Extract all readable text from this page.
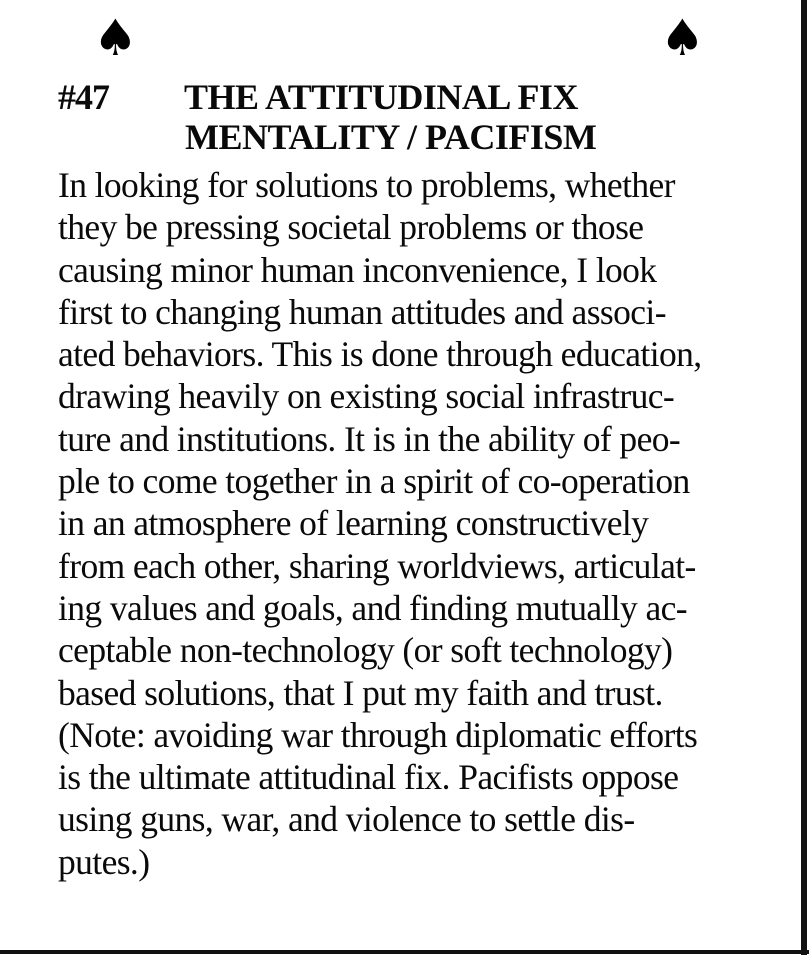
♠	♠
#47 THE ATTITUDINAL FIX
MENTALITY / PACIFISM

In looking for solutions to problems, whether
they be pressing societal problems or those
causing minor human inconvenience, I look
first to changing human attitudes and associ-
ated behaviors. This is done through education,
drawing heavily on existing social infrastruc-
ture and institutions. It is in the ability of peo-
ple to come together in a spirit of co-operation
in an atmosphere of learning constructively
from each other, sharing worldviews, articulat-
ing values and goals, and finding mutually ac-
ceptable non-technology (or soft technology)
based solutions, that I put my faith and trust.
(Note: avoiding war through diplomatic efforts
is the ultimate attitudinal fix. Pacifists oppose
using guns, war, and violence to settle dis-
putes.)
